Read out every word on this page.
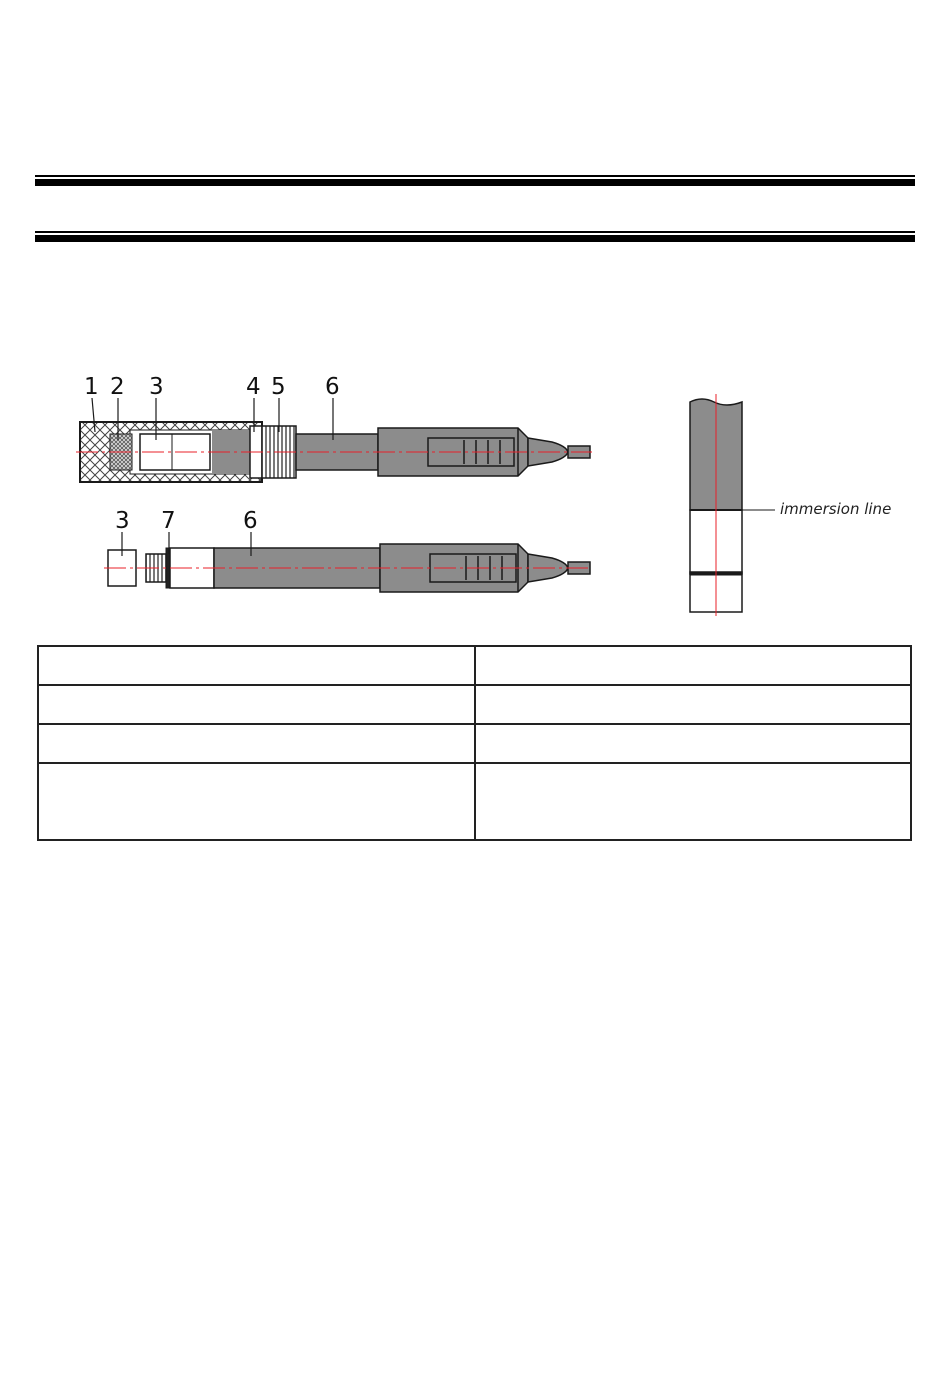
1 2 3	4 5 6
3 7	6	immersion line
